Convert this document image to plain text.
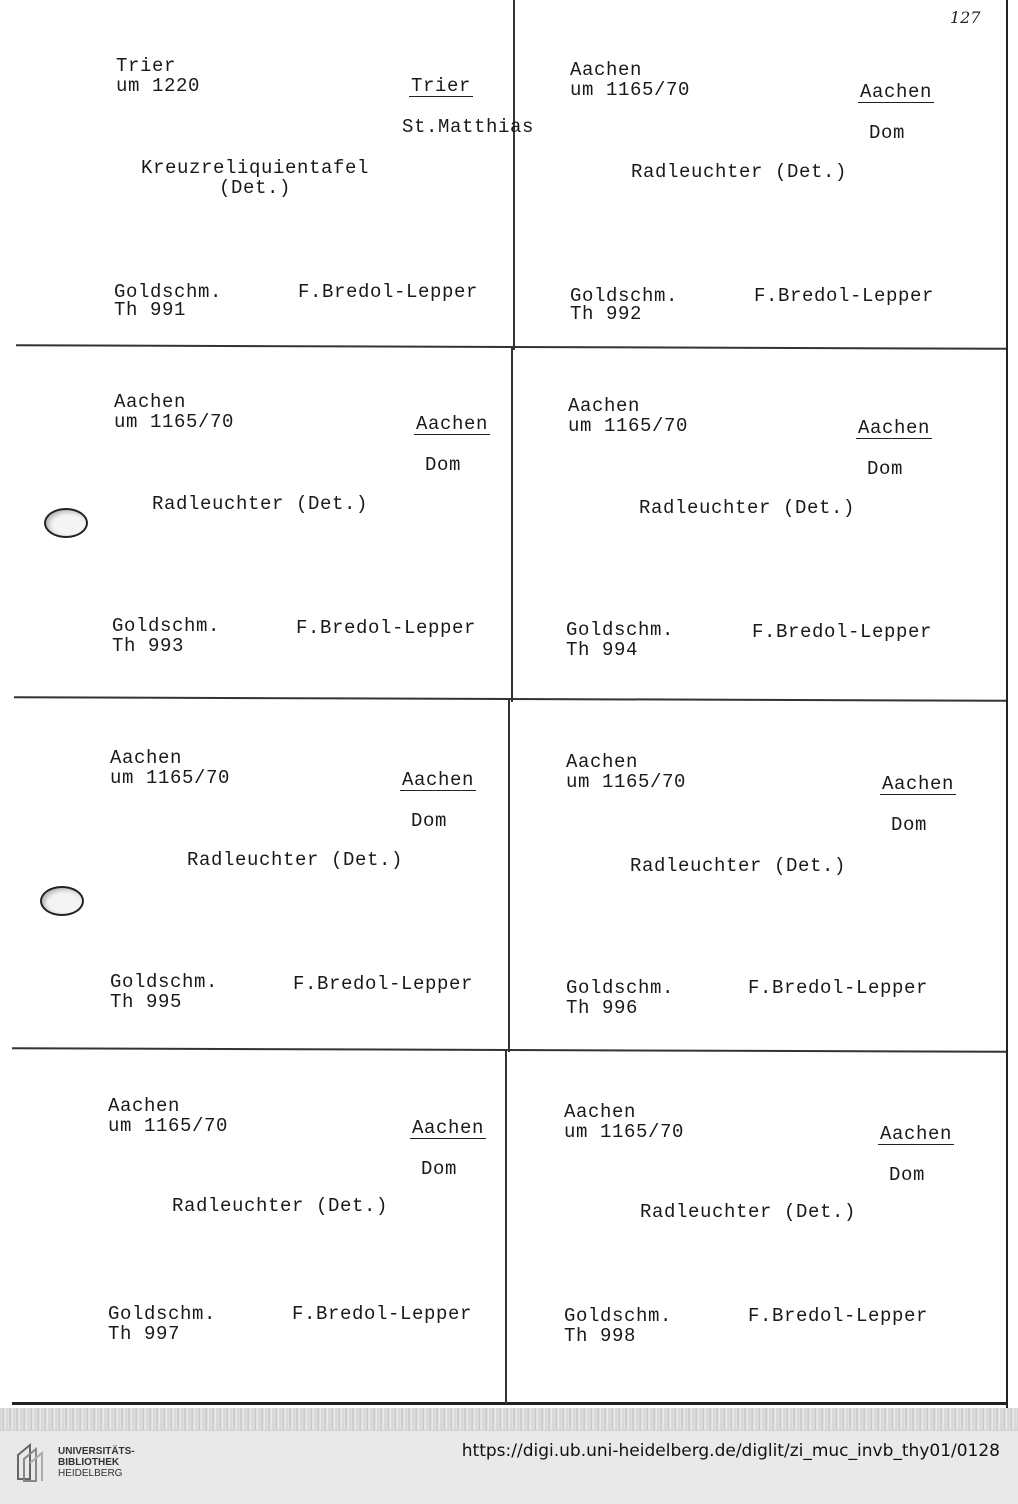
127
Trier
um 1220	Trier

St.Matthias

Kreuzreliquientafel
(Det.)
Goldschm.
Th 991
F.Bredol-Lepper
Aachen
um 1165/70	Aachen

Dom

Radleuchter (Det.)
Goldschm.
Th 992
F.Bredol-Lepper
Aachen
um 1165/70	Aachen

Dom

Radleuchter (Det.)
Goldschm.
Th 993
F.Bredol-Lepper
Aachen
um 1165/70	Aachen

Dom

Radleuchter (Det.)
Goldschm.
Th 994
F.Bredol-Lepper
Aachen
um 1165/70	Aachen

Dom

Radleuchter (Det.)
Goldschm.
Th 995
F.Bredol-Lepper
Aachen
um 1165/70	Aachen

Dom

Radleuchter (Det.)
Goldschm.
Th 996
F.Bredol-Lepper
Aachen
um 1165/70	Aachen

Dom

Radleuchter (Det.)
Goldschm.
Th 997
F.Bredol-Lepper
Aachen
um 1165/70	Aachen

Dom

Radleuchter (Det.)
Goldschm.
Th 998
F.Bredol-Lepper
UNIVERSITÄTS-
BIBLIOTHEK
HEIDELBERG
https://digi.ub.uni-heidelberg.de/diglit/zi_muc_invb_thy01/0128
